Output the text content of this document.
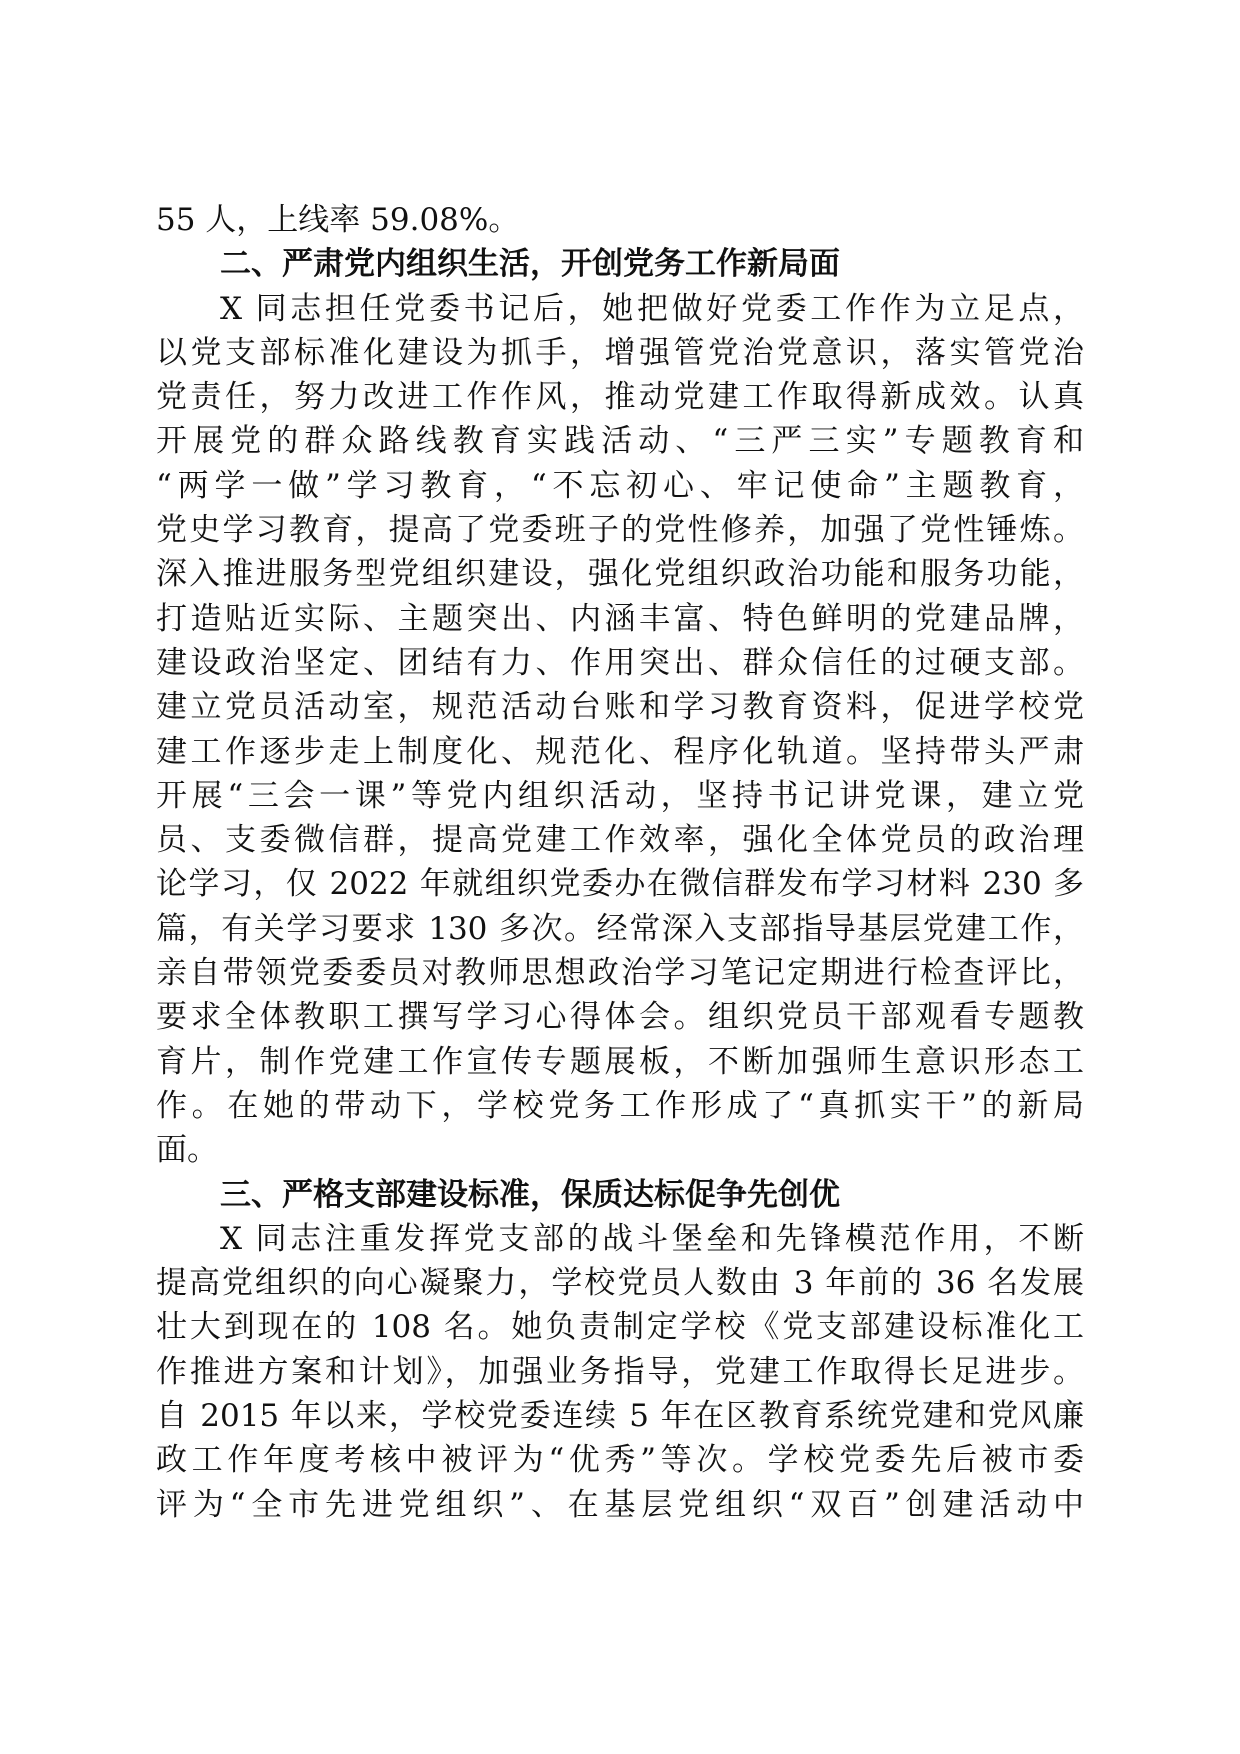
55 人，上线率 59.08%。
二、严肃党内组织生活，开创党务工作新局面
X 同志担任党委书记后，她把做好党委工作作为立足点，
以党支部标准化建设为抓手，增强管党治党意识，落实管党治
党责任，努力改进工作作风，推动党建工作取得新成效。认真
开展党的群众路线教育实践活动、“三严三实”专题教育和
“两学一做”学习教育，“不忘初心、牢记使命”主题教育，
党史学习教育，提高了党委班子的党性修养，加强了党性锤炼。
深入推进服务型党组织建设，强化党组织政治功能和服务功能，
打造贴近实际、主题突出、内涵丰富、特色鲜明的党建品牌，
建设政治坚定、团结有力、作用突出、群众信任的过硬支部。
建立党员活动室，规范活动台账和学习教育资料，促进学校党
建工作逐步走上制度化、规范化、程序化轨道。坚持带头严肃
开展“三会一课”等党内组织活动，坚持书记讲党课，建立党
员、支委微信群，提高党建工作效率，强化全体党员的政治理
论学习，仅 2022 年就组织党委办在微信群发布学习材料 230 多
篇，有关学习要求 130 多次。经常深入支部指导基层党建工作，
亲自带领党委委员对教师思想政治学习笔记定期进行检查评比，
要求全体教职工撰写学习心得体会。组织党员干部观看专题教
育片，制作党建工作宣传专题展板，不断加强师生意识形态工
作。在她的带动下，学校党务工作形成了“真抓实干”的新局
面。
三、严格支部建设标准，保质达标促争先创优
X 同志注重发挥党支部的战斗堡垒和先锋模范作用，不断
提高党组织的向心凝聚力，学校党员人数由 3 年前的 36 名发展
壮大到现在的 108 名。她负责制定学校《党支部建设标准化工
作推进方案和计划》，加强业务指导，党建工作取得长足进步。
自 2015 年以来，学校党委连续 5 年在区教育系统党建和党风廉
政工作年度考核中被评为“优秀”等次。学校党委先后被市委
评为“全市先进党组织”、在基层党组织“双百”创建活动中
